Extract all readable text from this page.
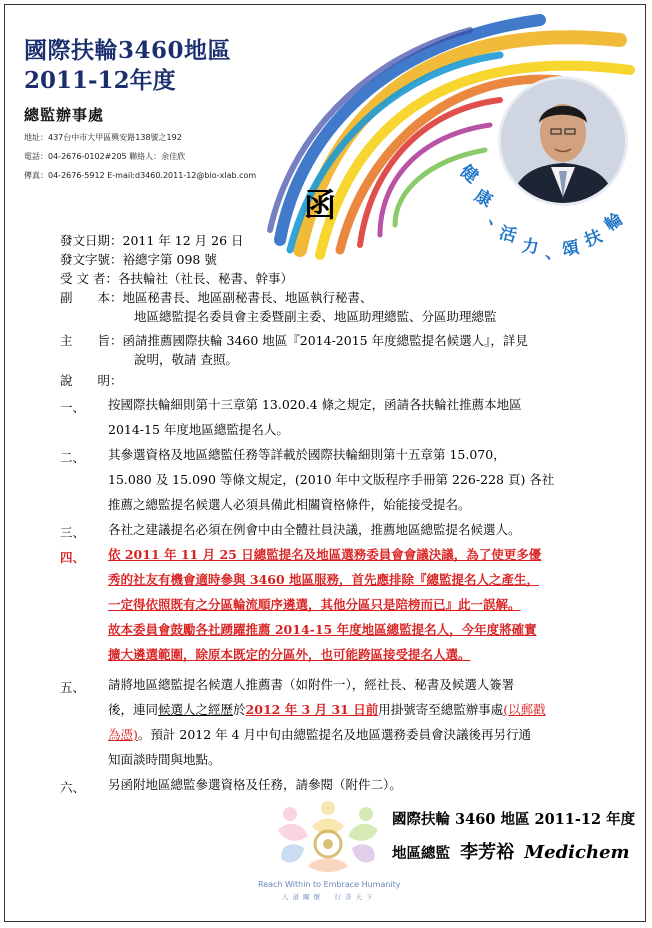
國際扶輪3460地區
2011-12年度
總監辦事處
地址：437台中市大甲區興安路138號之192
電話：04-2676-0102#205 聯絡人：余佳欣
傳真：04-2676-5912 E-mail:d3460.2011-12@bio-xlab.com	健
康
、
活
力 、
頌 扶
輪
函
發文日期：2011 年 12 月 26 日
發文字號：裕總字第 098 號
受 文 者：各扶輪社（社長、秘書、幹事）
副　　本：地區秘書長、地區副秘書長、地區執行秘書、
地區總監提名委員會主委暨副主委、地區助理總監、分區助理總監
主　　旨：函請推薦國際扶輪 3460 地區『2014-2015 年度總監提名候選人』，詳見
說明，敬請 查照。
說　　明：
一、 按國際扶輪細則第十三章第 13.020.4 條之規定，函請各扶輪社推薦本地區
2014-15 年度地區總監提名人。
二、 其參選資格及地區總監任務等詳載於國際扶輪細則第十五章第 15.070，
15.080 及 15.090 等條文規定，(2010 年中文版程序手冊第 226-228 頁) 各社
推薦之總監提名候選人必須具備此相關資格條件，始能接受提名。
三、 各社之建議提名必須在例會中由全體社員決議，推薦地區總監提名候選人。
四、 依 2011 年 11 月 25 日總監提名及地區選務委員會會議決議，為了使更多優
秀的社友有機會適時參與 3460 地區服務，首先應排除『總監提名人之產生，
一定得依照既有之分區輪流順序遴選，其他分區只是陪榜而已』此一誤解。
故本委員會鼓勵各社踴躍推薦 2014-15 年度地區總監提名人，今年度將確實
擴大遴選範圍，除原本既定的分區外，也可能跨區接受提名人選。
五、 請將地區總監提名候選人推薦書（如附件一），經社長、秘書及候選人簽署
後，連同候選人之經歷於2012 年 3 月 31 日前用掛號寄至總監辦事處(以郵戳
為憑)。預計 2012 年 4 月中旬由總監提名及地區選務委員會決議後再另行通
知面談時間與地點。
六、 另函附地區總監參選資格及任務，請參閱（附件二）。
Reach Within to Embrace Humanity
人道關懷　行善天下
國際扶輪 3460 地區 2011-12 年度
地區總監 李芳裕 Medichem
